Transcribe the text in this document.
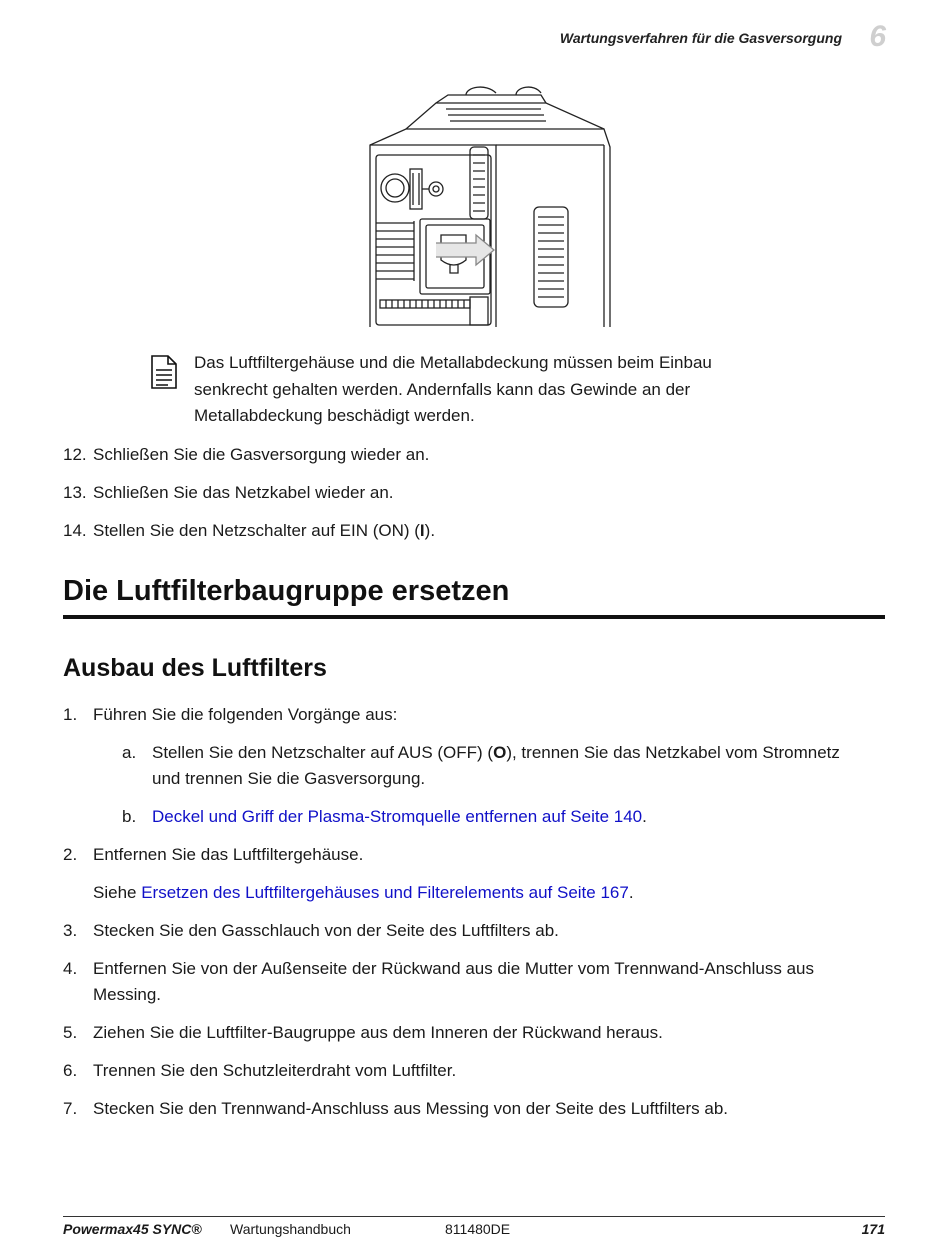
Wartungsverfahren für die Gasversorgung 6
Das Luftfiltergehäuse und die Metallabdeckung müssen beim Einbau
senkrecht gehalten werden. Andernfalls kann das Gewinde an der
Metallabdeckung beschädigt werden.
12. Schließen Sie die Gasversorgung wieder an.
13. Schließen Sie das Netzkabel wieder an.
14. Stellen Sie den Netzschalter auf EIN (ON) (I).
Die Luftfilterbaugruppe ersetzen
Ausbau des Luftfilters
1. Führen Sie die folgenden Vorgänge aus:
a. Stellen Sie den Netzschalter auf AUS (OFF) (O), trennen Sie das Netzkabel vom Stromnetz
und trennen Sie die Gasversorgung.
b. Deckel und Griff der Plasma-Stromquelle entfernen auf Seite 140.
2. Entfernen Sie das Luftfiltergehäuse.
Siehe Ersetzen des Luftfiltergehäuses und Filterelements auf Seite 167.
3. Stecken Sie den Gasschlauch von der Seite des Luftfilters ab.
4. Entfernen Sie von der Außenseite der Rückwand aus die Mutter vom Trennwand-Anschluss aus
Messing.
5. Ziehen Sie die Luftfilter-Baugruppe aus dem Inneren der Rückwand heraus.
6. Trennen Sie den Schutzleiterdraht vom Luftfilter.
7. Stecken Sie den Trennwand-Anschluss aus Messing von der Seite des Luftfilters ab.
Powermax45 SYNC® Wartungshandbuch	811480DE	171
